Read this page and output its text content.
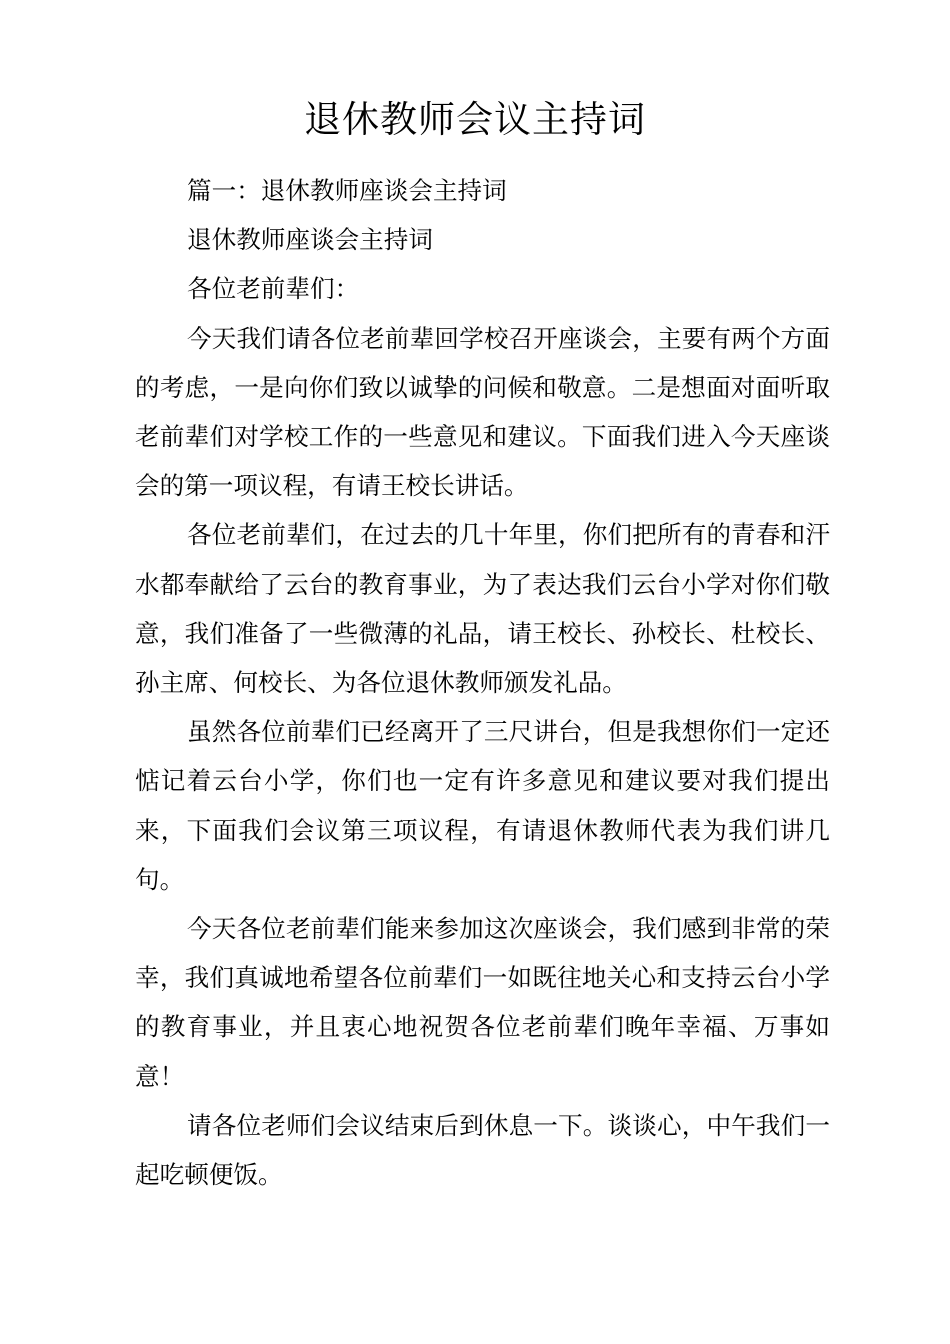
退休教师会议主持词

篇一：退休教师座谈会主持词

退休教师座谈会主持词

各位老前辈们：

今天我们请各位老前辈回学校召开座谈会，主要有两个方面的考虑，一是向你们致以诚挚的问候和敬意。二是想面对面听取老前辈们对学校工作的一些意见和建议。下面我们进入今天座谈会的第一项议程，有请王校长讲话。

各位老前辈们，在过去的几十年里，你们把所有的青春和汗水都奉献给了云台的教育事业，为了表达我们云台小学对你们敬意，我们准备了一些微薄的礼品，请王校长、孙校长、杜校长、孙主席、何校长、为各位退休教师颁发礼品。

虽然各位前辈们已经离开了三尺讲台，但是我想你们一定还惦记着云台小学，你们也一定有许多意见和建议要对我们提出来，下面我们会议第三项议程，有请退休教师代表为我们讲几句。

今天各位老前辈们能来参加这次座谈会，我们感到非常的荣幸，我们真诚地希望各位前辈们一如既往地关心和支持云台小学的教育事业，并且衷心地祝贺各位老前辈们晚年幸福、万事如意！

请各位老师们会议结束后到休息一下。谈谈心，中午我们一起吃顿便饭。
